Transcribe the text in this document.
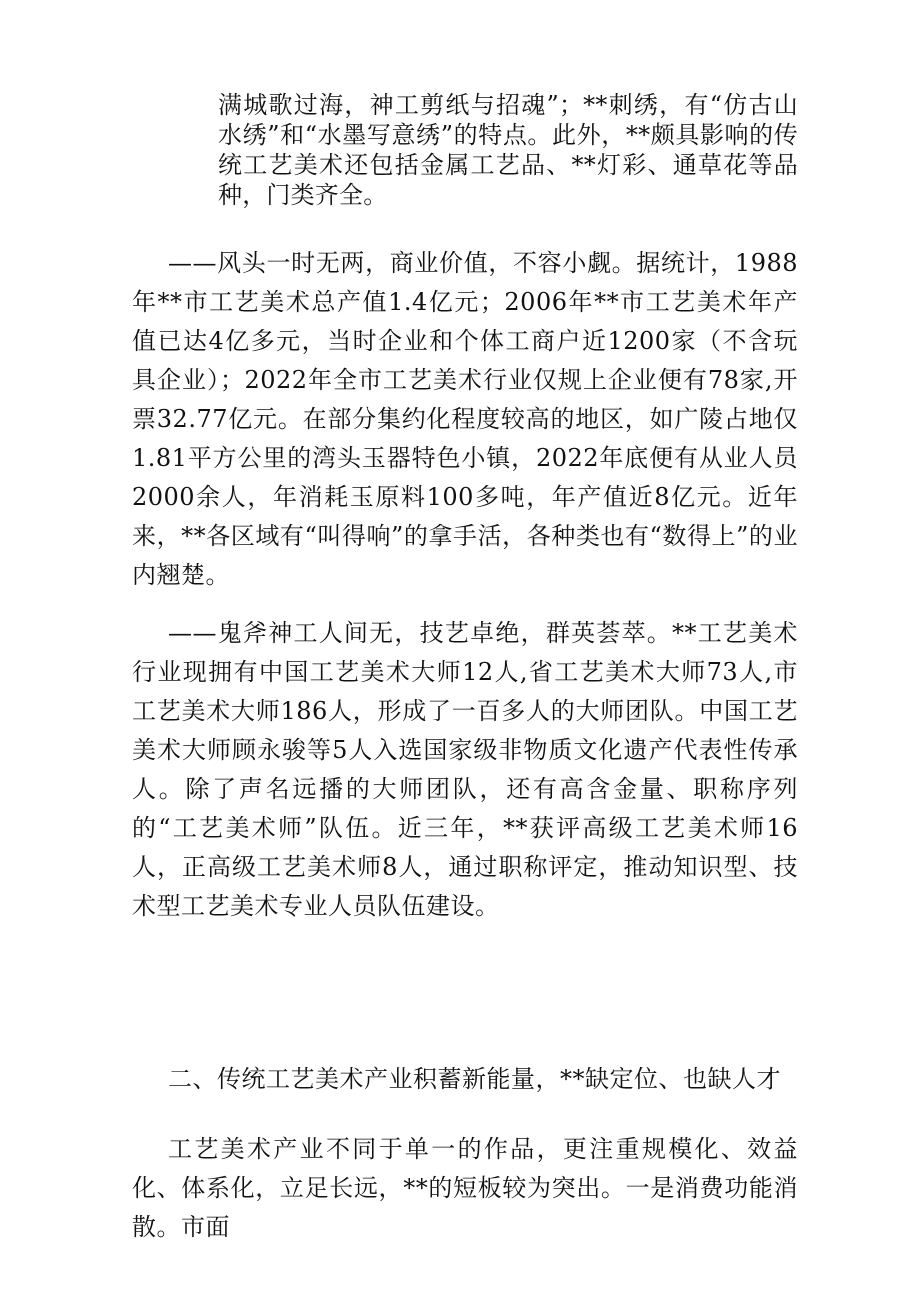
满城歌过海，神工剪纸与招魂”；**刺绣，有“仿古山水绣”和“水墨写意绣”的特点。此外，**颇具影响的传统工艺美术还包括金属工艺品、**灯彩、通草花等品种，门类齐全。
——风头一时无两，商业价值，不容小觑。据统计，1988年**市工艺美术总产值1.4亿元；2006年**市工艺美术年产值已达4亿多元，当时企业和个体工商户近1200家（不含玩具企业）；2022年全市工艺美术行业仅规上企业便有78家,开票32.77亿元。在部分集约化程度较高的地区，如广陵占地仅1.81平方公里的湾头玉器特色小镇，2022年底便有从业人员2000余人，年消耗玉原料100多吨，年产值近8亿元。近年来，**各区域有“叫得响”的拿手活，各种类也有“数得上”的业内翘楚。
——鬼斧神工人间无，技艺卓绝，群英荟萃。**工艺美术行业现拥有中国工艺美术大师12人,省工艺美术大师73人,市工艺美术大师186人，形成了一百多人的大师团队。中国工艺美术大师顾永骏等5人入选国家级非物质文化遗产代表性传承人。除了声名远播的大师团队，还有高含金量、职称序列的“工艺美术师”队伍。近三年，**获评高级工艺美术师16人，正高级工艺美术师8人，通过职称评定，推动知识型、技术型工艺美术专业人员队伍建设。
二、传统工艺美术产业积蓄新能量，**缺定位、也缺人才
工艺美术产业不同于单一的作品，更注重规模化、效益化、体系化，立足长远，**的短板较为突出。一是消费功能消散。市面
